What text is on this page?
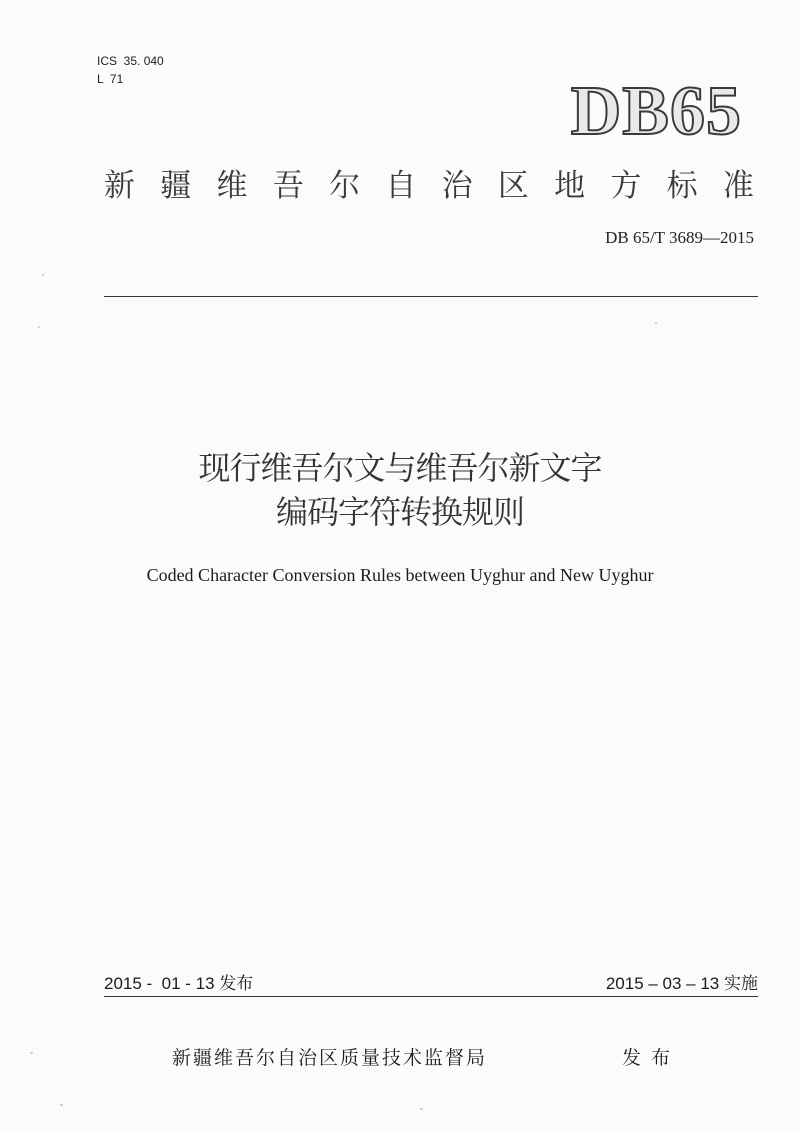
ICS  35. 040
L  71	DB65
新 疆 维 吾 尔 自 治 区 地 方 标 准
DB 65/T 3689—2015
现行维吾尔文与维吾尔新文字
编码字符转换规则
Coded Character Conversion Rules between Uyghur and New Uyghur
2015 -  01 - 13 发布	2015 – 03 – 13 实施
新疆维吾尔自治区质量技术监督局	发布
